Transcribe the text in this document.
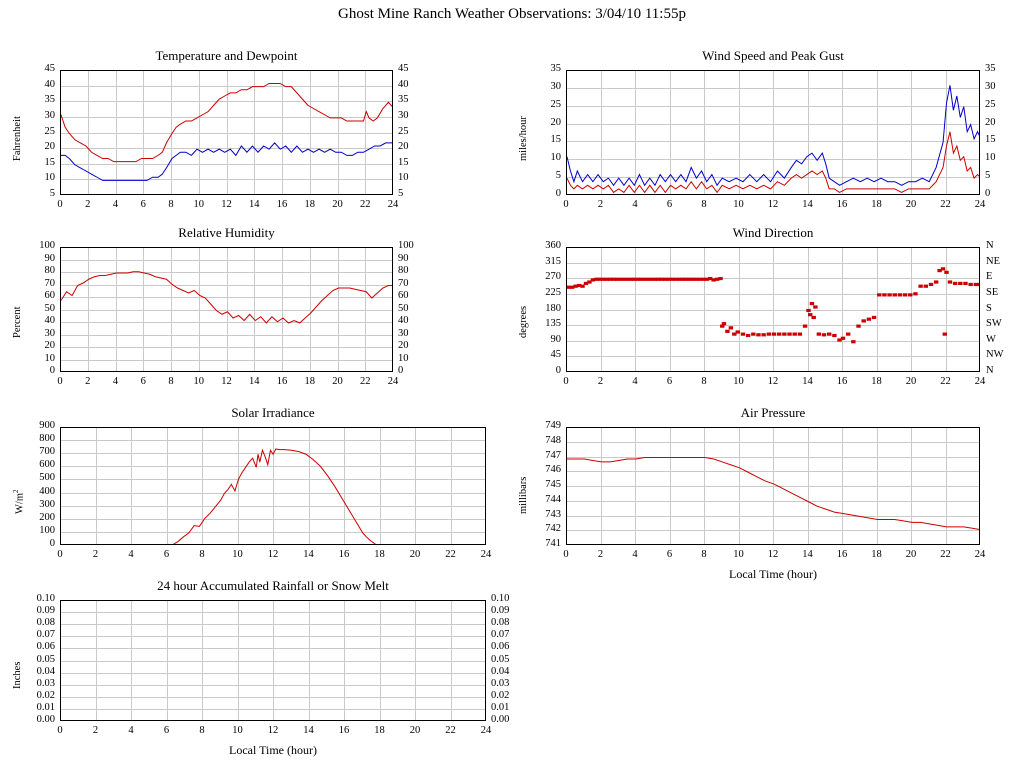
Ghost Mine Ranch Weather Observations: 3/04/10 11:55p
Temperature and Dewpoint
5	5
10	10
15	15
20	20
25	25
30	30
35	35
40	40
45	45
0	2	4	6	8	10	12	14	16	18	20	22	24
Fahrenheit
Wind Speed and Peak Gust
0	0
5	5
10	10
15	15
20	20
25	25
30	30
35	35
0	2	4	6	8	10	12	14	16	18	20	22	24
miles/hour
Relative Humidity
0	0
10	10
20	20
30	30
40	40
50	50
60	60
70	70
80	80
90	90
100	100
0	2	4	6	8	10	12	14	16	18	20	22	24
Percent
Wind Direction
0	N
45	NW
90	W
135	SW
180	S
225	SE
270	E
315	NE
360	N
0	2	4	6	8	10	12	14	16	18	20	22	24
degrees
Solar Irradiance
0
100
200
300
400
500
600
700
800
900
0	2	4	6	8	10	12	14	16	18	20	22	24
$W/m^2$
Air Pressure
741
742
743
744
745
746
747
748
749
0	2	4	6	8	10	12	14	16	18	20	22	24
millibars
Local Time (hour)
24 hour Accumulated Rainfall or Snow Melt
0.00	0.00
0.01	0.01
0.02	0.02
0.03	0.03
0.04	0.04
0.05	0.05
0.06	0.06
0.07	0.07
0.08	0.08
0.09	0.09
0.10	0.10
0	2	4	6	8	10	12	14	16	18	20	22	24
Inches
Local Time (hour)
